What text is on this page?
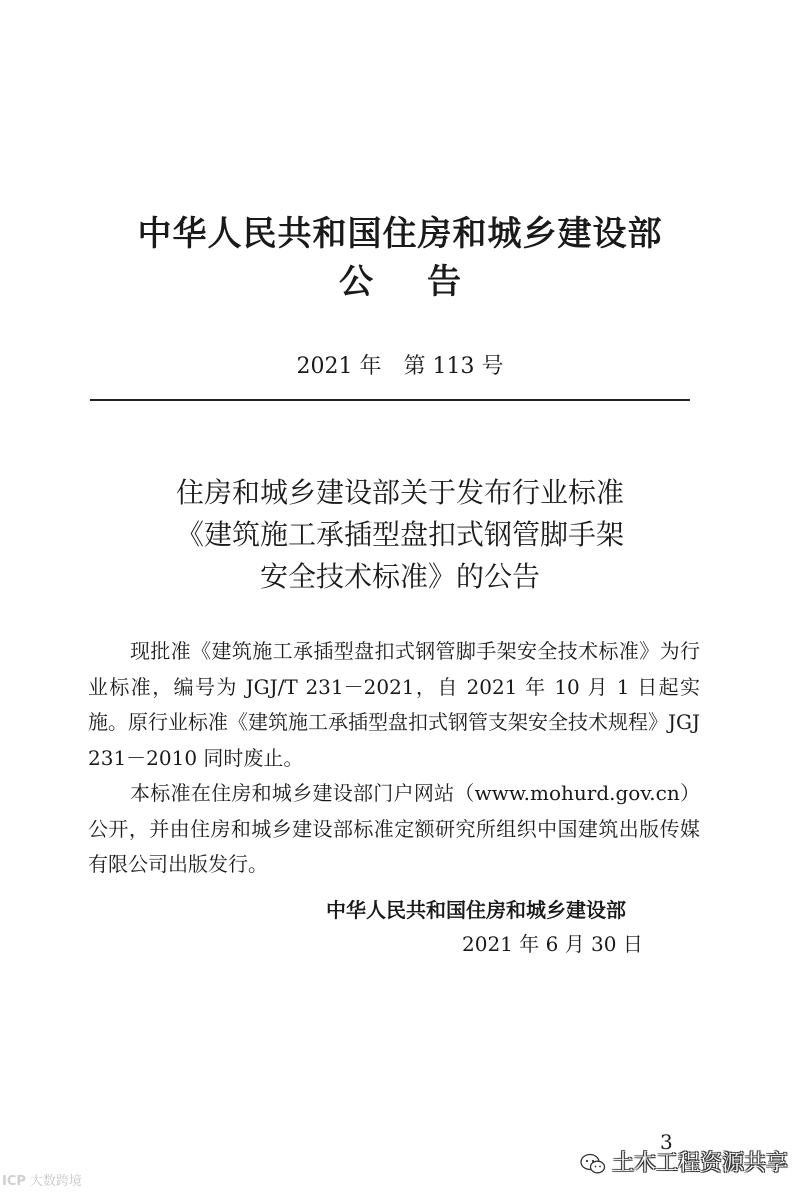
中华人民共和国住房和城乡建设部
公告
2021 年　第 113 号
住房和城乡建设部关于发布行业标准
《建筑施工承插型盘扣式钢管脚手架
安全技术标准》的公告

现批准《建筑施工承插型盘扣式钢管脚手架安全技术标准》为行业标准，编号为 JGJ/T 231－2021，自 2021 年 10 月 1 日起实施。原行业标准《建筑施工承插型盘扣式钢管支架安全技术规程》JGJ 231－2010 同时废止。

本标准在住房和城乡建设部门户网站（www.mohurd.gov.cn）公开，并由住房和城乡建设部标准定额研究所组织中国建筑出版传媒有限公司出版发行。

中华人民共和国住房和城乡建设部
2021 年 6 月 30 日
3
ICP 大数跨境
土木工程资源共享
